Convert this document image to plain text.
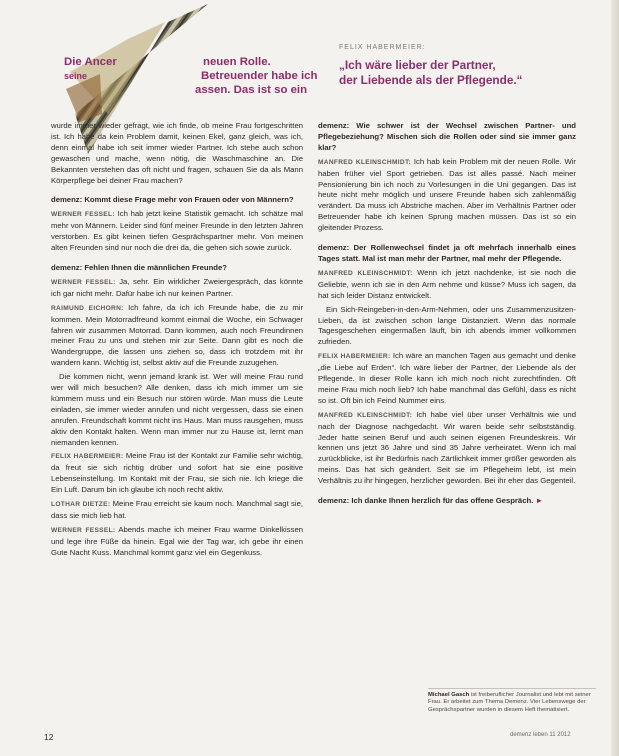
Die Ancer	neuen Rolle.
Betreuender habe ich
assen. Das ist so ein
seine
FELIX HABERMEIER:
„Ich wäre lieber der Partner,
der Liebende als der Pflegende.“

wurde immer wieder gefragt, wie ich finde, ob meine Frau fortgeschritten ist. Ich habe da kein Problem damit, keinen Ekel, ganz gleich, was ich, denn einmal habe ich seit immer wieder Partner. Ich stehe auch schon gewaschen und mache, wenn nötig, die Waschmaschine an. Die Bekannten verstehen das oft nicht und fragen, schauen Sie da als Mann Körperpflege bei deiner Frau machen?

demenz: Kommt diese Frage mehr von Frauen oder von Männern?

WERNER FESSEL: Ich hab jetzt keine Statistik gemacht. Ich schätze mal mehr von Männern. Leider sind fünf meiner Freunde in den letzten Jahren verstorben. Es gibt keinen tiefen Gesprächspartner mehr. Von meinen alten Freunden sind nur noch die drei da, die gehen sich sowie zurück.

demenz: Fehlen Ihnen die männlichen Freunde?

WERNER FESSEL: Ja, sehr. Ein wirklicher Zweiergespräch, das könnte ich gar nicht mehr. Dafür habe ich nur keinen Partner.

RAIMUND EICHORN: Ich fahre, da ich ich Freunde habe, die zu mir kommen. Mein Motorradfreund kommt einmal die Woche, ein Schwager fahren wir zusammen Motorrad. Dann kommen, auch noch Freundinnen meiner Frau zu uns und stehen mir zur Seite. Dann gibt es noch die Wandergruppe, die lassen uns ziehen so, dass ich trotzdem mit ihr wandern kann. Wichtig ist, selbst aktiv auf die Freunde zuzugehen.

Die kommen nicht, wenn jemand krank ist. Wer will meine Frau rund wer will mich besuchen? Alle denken, dass ich mich immer um sie kümmern muss und ein Besuch nur stören würde. Man muss die Leute einladen, sie immer wieder anrufen und nicht vergessen, dass sie einen anrufen. Freundschaft kommt nicht ins Haus. Man muss rausgehen, muss aktiv den Kontakt halten. Wenn man immer nur zu Hause ist, lernt man niemanden kennen.

FELIX HABERMEIER: Meine Frau ist der Kontakt zur Familie sehr wichtig, da freut sie sich richtig drüber und sofort hat sie eine positive Lebenseinstellung. Im Kontakt mit der Frau, sie sich nie. Ich kriege die Ein Luft. Darum bin ich glaube ich noch recht aktiv.

LOTHAR DIETZE: Meine Frau erreicht sie kaum noch. Manchmal sagt sie, dass sie mich lieb hat.

WERNER FESSEL: Abends mache ich meiner Frau warme Dinkelkissen und lege ihre Füße da hinein. Egal wie der Tag war, ich gebe ihr einen Gute Nacht Kuss. Manchmal kommt ganz viel ein Gegenkuss.

demenz: Wie schwer ist der Wechsel zwischen Partner- und Pflegebeziehung? Mischen sich die Rollen oder sind sie immer ganz klar?

MANFRED KLEINSCHMIDT: Ich hab kein Problem mit der neuen Rolle. Wir haben früher viel Sport getrieben. Das ist alles passé. Nach meiner Pensionierung bin ich noch zu Vorlesungen in die Uni gegangen. Das ist heute nicht mehr möglich und unsere Freunde haben sich zahlenmäßig verändert. Da muss ich Abstriche machen. Aber im Verhältnis Partner oder Betreuender habe ich keinen Sprung machen müssen. Das ist so ein gleitender Prozess.

demenz: Der Rollenwechsel findet ja oft mehrfach innerhalb eines Tages statt. Mal ist man mehr der Partner, mal mehr der Pflegende.

MANFRED KLEINSCHMIDT: Wenn ich jetzt nachdenke, ist sie noch die Geliebte, wenn ich sie in den Arm nehme und küsse? Muss ich sagen, da hat sich leider Distanz entwickelt.

Ein Sich-Reingeben-in-den-Arm-Nehmen, oder uns Zusammenzusitzen-Lieben, da ist zwischen schon lange Distanziert. Wenn das normale Tagesgeschehen eingermaßen läuft, bin ich abends immer vollkommen zufrieden.

FELIX HABERMEIER: Ich wäre an manchen Tagen aus gemacht und denke „die Liebe auf Erden“. Ich wäre lieber der Partner, der Liebende als der Pflegende. In dieser Rolle kann ich mich noch nicht zurechtfinden. Oft meine Frau mich noch lieb? Ich habe manchmal das Gefühl, dass es nicht so ist. Oft bin ich Feind Nummer eins.

MANFRED KLEINSCHMIDT: Ich habe viel über unser Verhältnis wie und nach der Diagnose nachgedacht. Wir waren beide sehr selbstständig. Jeder hatte seinen Beruf und auch seinen eigenen Freundeskreis. Wir kennen uns jetzt 36 Jahre und sind 35 Jahre verheiratet. Wenn ich mal zurückblicke, ist ihr Bedürfnis nach Zärtlichkeit immer größer geworden als meins. Das hat sich geändert. Seit sie im Pflegeheim lebt, ist mein Verhältnis zu ihr hingegen, herzlicher geworden. Bei ihr eher das Gegenteil.

demenz: Ich danke Ihnen herzlich für das offene Gespräch. ►

Michael Gasch ist freiberuflicher Journalist und lebt mit seiner Frau. Er arbeitet zum Thema Demenz. Vier Lebenswege der Gesprächspartner wurden in diesem Heft thematisiert.
12	demenz leben 11 2012
